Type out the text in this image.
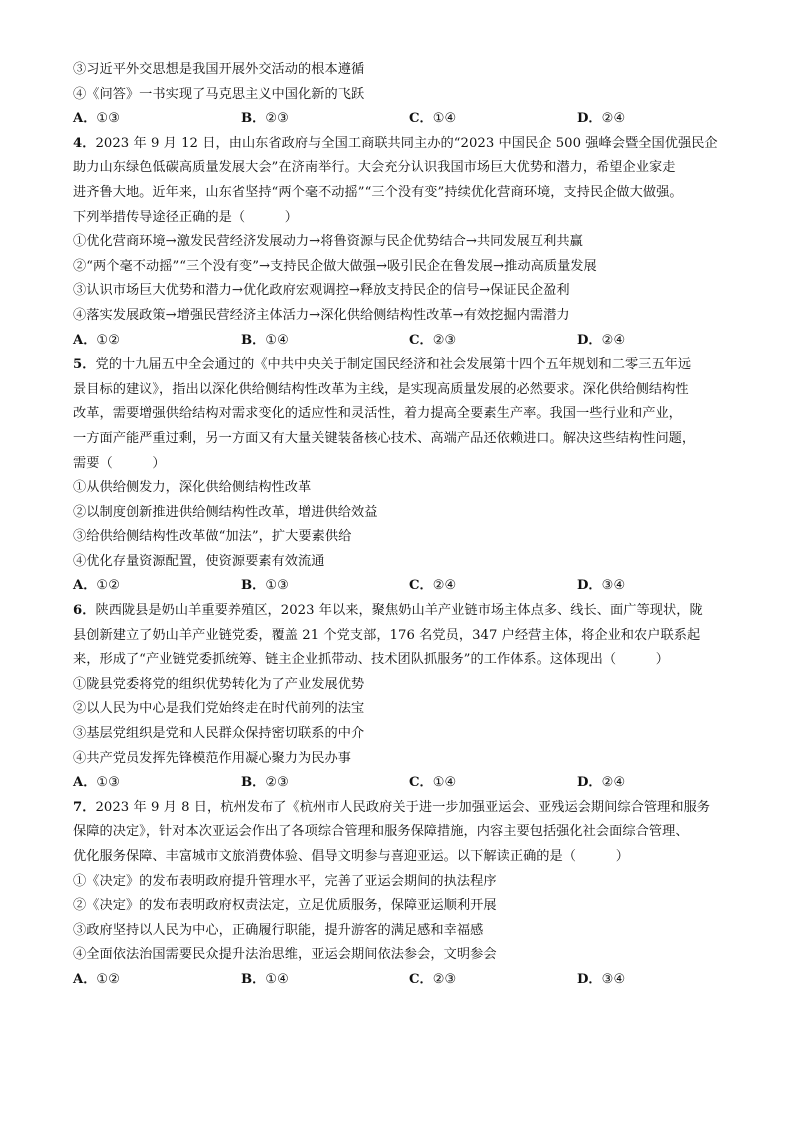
③习近平外交思想是我国开展外交活动的根本遵循
④《问答》一书实现了马克思主义中国化新的飞跃
A．①③	B．②③	C．①④	D．②④
4．2023 年 9 月 12 日，由山东省政府与全国工商联共同主办的“2023 中国民企 500 强峰会暨全国优强民企
助力山东绿色低碳高质量发展大会”在济南举行。大会充分认识我国市场巨大优势和潜力，希望企业家走
进齐鲁大地。近年来，山东省坚持“两个毫不动摇”“三个没有变”持续优化营商环境，支持民企做大做强。
下列举措传导途径正确的是（　　　）
①优化营商环境→激发民营经济发展动力→将鲁资源与民企优势结合→共同发展互利共赢
②“两个毫不动摇”“三个没有变”→支持民企做大做强→吸引民企在鲁发展→推动高质量发展
③认识市场巨大优势和潜力→优化政府宏观调控→释放支持民企的信号→保证民企盈利
④落实发展政策→增强民营经济主体活力→深化供给侧结构性改革→有效挖掘内需潜力
A．①②	B．①④	C．②③	D．②④
5．党的十九届五中全会通过的《中共中央关于制定国民经济和社会发展第十四个五年规划和二零三五年远
景目标的建议》，指出以深化供给侧结构性改革为主线，是实现高质量发展的必然要求。深化供给侧结构性
改革，需要增强供给结构对需求变化的适应性和灵活性，着力提高全要素生产率。我国一些行业和产业，
一方面产能严重过剩，另一方面又有大量关键装备核心技术、高端产品还依赖进口。解决这些结构性问题，
需要（　　　）
①从供给侧发力，深化供给侧结构性改革
②以制度创新推进供给侧结构性改革，增进供给效益
③给供给侧结构性改革做“加法”，扩大要素供给
④优化存量资源配置，使资源要素有效流通
A．①②	B．①③	C．②④	D．③④
6．陕西陇县是奶山羊重要养殖区，2023 年以来，聚焦奶山羊产业链市场主体点多、线长、面广等现状，陇
县创新建立了奶山羊产业链党委，覆盖 21 个党支部，176 名党员，347 户经营主体，将企业和农户联系起
来，形成了“产业链党委抓统筹、链主企业抓带动、技术团队抓服务”的工作体系。这体现出（　　　）
①陇县党委将党的组织优势转化为了产业发展优势
②以人民为中心是我们党始终走在时代前列的法宝
③基层党组织是党和人民群众保持密切联系的中介
④共产党员发挥先锋模范作用凝心聚力为民办事
A．①③	B．②③	C．①④	D．②④
7．2023 年 9 月 8 日，杭州发布了《杭州市人民政府关于进一步加强亚运会、亚残运会期间综合管理和服务
保障的决定》，针对本次亚运会作出了各项综合管理和服务保障措施，内容主要包括强化社会面综合管理、
优化服务保障、丰富城市文旅消费体验、倡导文明参与喜迎亚运。以下解读正确的是（　　　）
①《决定》的发布表明政府提升管理水平，完善了亚运会期间的执法程序
②《决定》的发布表明政府权责法定，立足优质服务，保障亚运顺利开展
③政府坚持以人民为中心，正确履行职能，提升游客的满足感和幸福感
④全面依法治国需要民众提升法治思维，亚运会期间依法参会，文明参会
A．①②	B．①④	C．②③	D．③④
